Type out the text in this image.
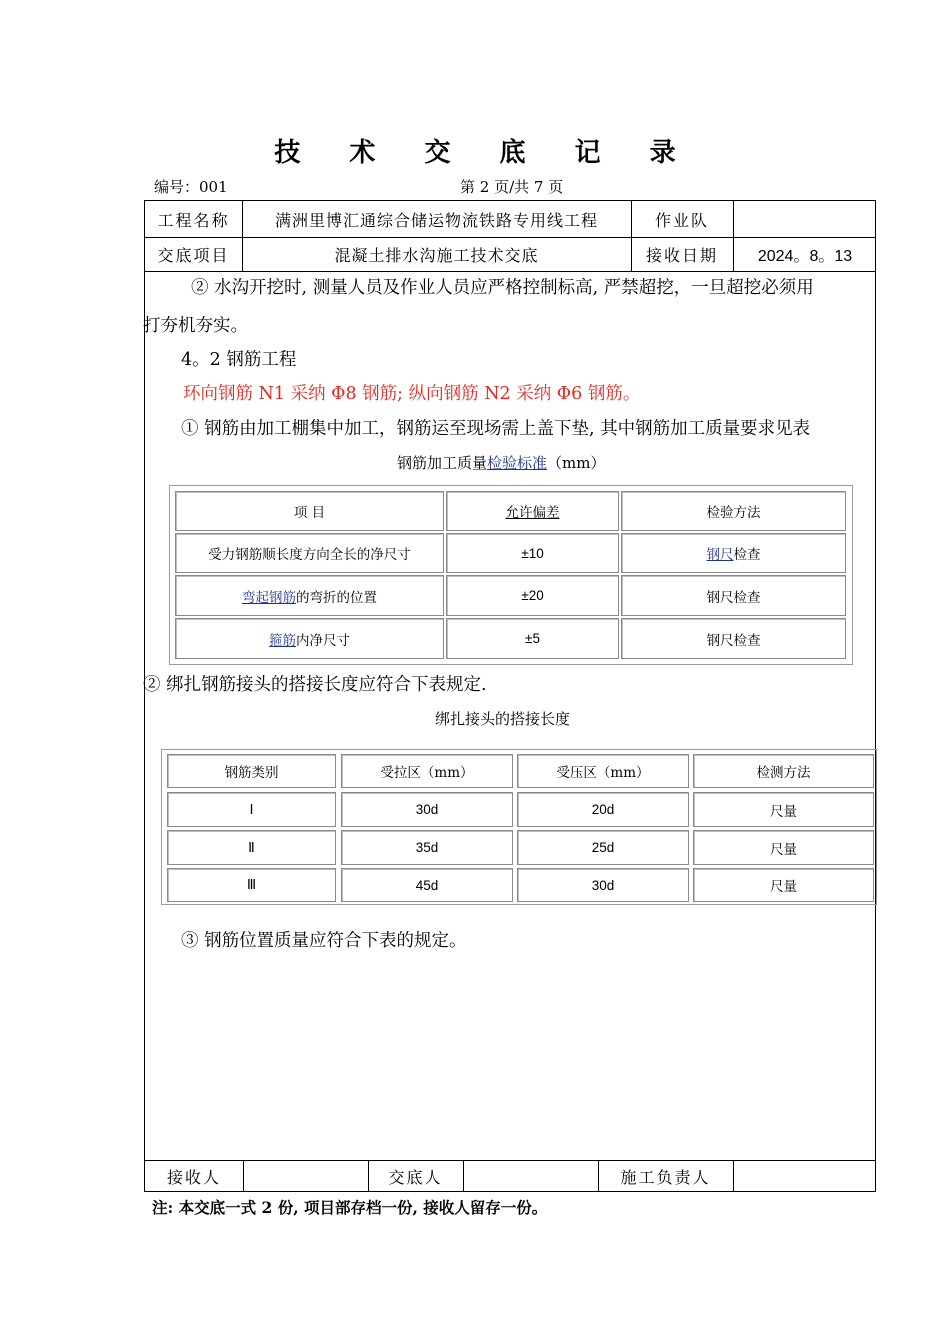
技 术 交 底 记 录
编号：001	第 2 页/共 7 页
工程名称	满洲里博汇通综合储运物流铁路专用线工程	作业队
交底项目	混凝土排水沟施工技术交底	接收日期	2024。8。13
② 水沟开挖时, 测量人员及作业人员应严格控制标高, 严禁超挖，一旦超挖必须用
打夯机夯实。
4。2 钢筋工程
环向钢筋 N1 采纳 Φ8 钢筋; 纵向钢筋 N2 采纳 Φ6 钢筋。
① 钢筋由加工棚集中加工，钢筋运至现场需上盖下垫, 其中钢筋加工质量要求见表
钢筋加工质量检验标准（mm）
项 目	允许偏差	检验方法
受力钢筋顺长度方向全长的净尺寸	±10	钢尺 检查
弯起钢筋 的弯折的位置	±20	钢尺检查
箍筋 内净尺寸	±5	钢尺检查
② 绑扎钢筋接头的搭接长度应符合下表规定.
绑扎接头的搭接长度
钢筋类别	受拉区（mm）	受压区（mm）	检测方法
Ⅰ	30d	20d	尺量
Ⅱ	35d	25d	尺量
Ⅲ	45d	30d	尺量
③ 钢筋位置质量应符合下表的规定。
接收人	交底人	施工负责人
注: 本交底一式 2 份, 项目部存档一份, 接收人留存一份。
